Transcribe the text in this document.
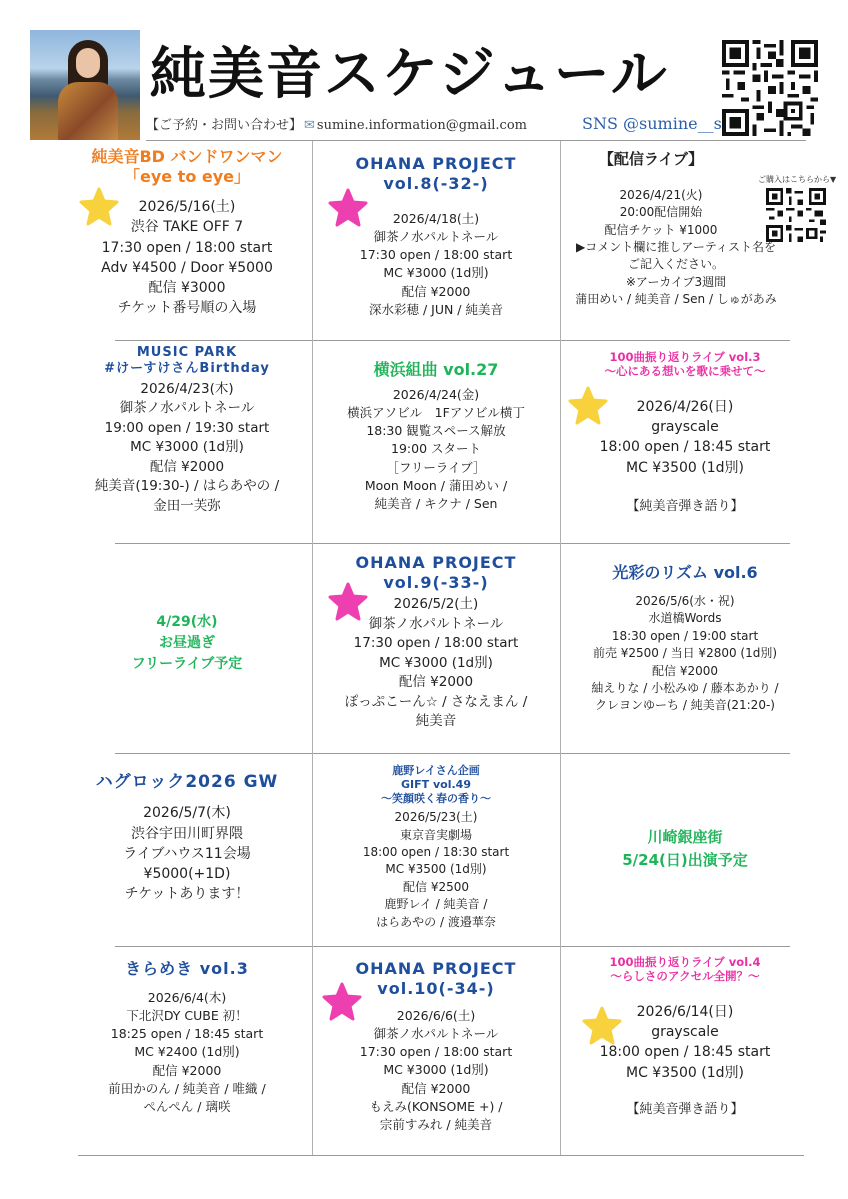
純美音スケジュール
【ご予約・お問い合わせ】 ✉ sumine.information@gmail.com	SNS @sumine__s
ご購入はこちらから▼
純美音BD バンドワンマン
「eye to eye」
2026/5/16(土)
渋谷 TAKE OFF 7
17:30 open / 18:00 start
Adv ¥4500 / Door ¥5000
配信 ¥3000
チケット番号順の入場
OHANA PROJECT
vol.8(-32-)
2026/4/18(土)
御茶ノ水パルトネール
17:30 open / 18:00 start
MC ¥3000 (1d別)
配信 ¥2000
深水彩穂 / JUN / 純美音
【配信ライブ】
2026/4/21(火)
20:00配信開始
配信チケット ¥1000
▶コメント欄に推しアーティスト名を
ご記入ください。
※アーカイブ3週間
蒲田めい / 純美音 / Sen / しゅがあみ
MUSIC PARK
#けーすけさんBirthday
2026/4/23(木)
御茶ノ水パルトネール
19:00 open / 19:30 start
MC ¥3000 (1d別)
配信 ¥2000
純美音(19:30-) / はらあやの /
金田一芙弥
横浜組曲 vol.27
2026/4/24(金)
横浜アソビル　1Fアソビル横丁
18:30 観覧スペース解放
19:00 スタート
［フリーライブ］
Moon Moon / 蒲田めい /
純美音 / キクナ / Sen
100曲振り返りライブ vol.3
〜心にある想いを歌に乗せて〜
2026/4/26(日)
grayscale
18:00 open / 18:45 start
MC ¥3500 (1d別)
【純美音弾き語り】
4/29(水)
お昼過ぎ
フリーライブ予定
OHANA PROJECT
vol.9(-33-)
2026/5/2(土)
御茶ノ水パルトネール
17:30 open / 18:00 start
MC ¥3000 (1d別)
配信 ¥2000
ぽっぷこーん☆ / さなえまん /
純美音
光彩のリズム vol.6
2026/5/6(水・祝)
水道橋Words
18:30 open / 19:00 start
前売 ¥2500 / 当日 ¥2800 (1d別)
配信 ¥2000
紬えりな / 小松みゆ / 藤本あかり /
クレヨンゆーち / 純美音(21:20-)
ハグロック2026 GW
2026/5/7(木)
渋谷宇田川町界隈
ライブハウス11会場
¥5000(+1D)
チケットあります！
鹿野レイさん企画
GIFT vol.49
〜笑顔咲く春の香り〜
2026/5/23(土)
東京音実劇場
18:00 open / 18:30 start
MC ¥3500 (1d別)
配信 ¥2500
鹿野レイ / 純美音 /
はらあやの / 渡邉華奈
川崎銀座街
5/24(日)出演予定
きらめき vol.3
2026/6/4(木)
下北沢DY CUBE 初！
18:25 open / 18:45 start
MC ¥2400 (1d別)
配信 ¥2000
前田かのん / 純美音 / 唯織 /
ぺんぺん / 璃咲
OHANA PROJECT
vol.10(-34-)
2026/6/6(土)
御茶ノ水パルトネール
17:30 open / 18:00 start
MC ¥3000 (1d別)
配信 ¥2000
もえみ(KONSOME +) /
宗前すみれ / 純美音
100曲振り返りライブ vol.4
〜らしさのアクセル全開？〜
2026/6/14(日)
grayscale
18:00 open / 18:45 start
MC ¥3500 (1d別)
【純美音弾き語り】
